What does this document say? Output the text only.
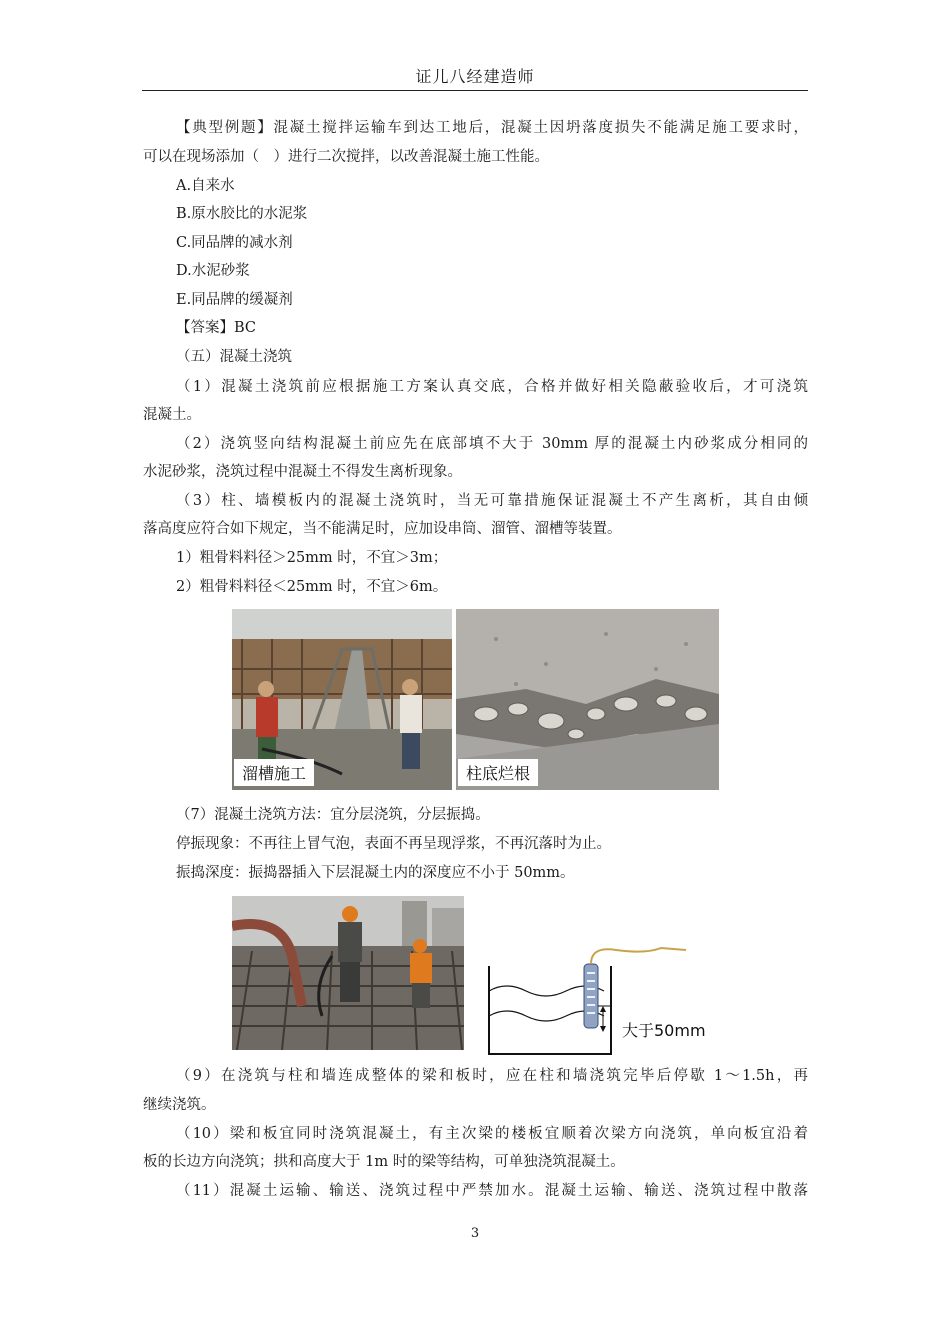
证儿八经建造师
【典型例题】混凝土搅拌运输车到达工地后，混凝土因坍落度损失不能满足施工要求时，
可以在现场添加（　）进行二次搅拌，以改善混凝土施工性能。
A.自来水
B.原水胶比的水泥浆
C.同品牌的减水剂
D.水泥砂浆
E.同品牌的缓凝剂
【答案】BC
（五）混凝土浇筑
（1）混凝土浇筑前应根据施工方案认真交底，合格并做好相关隐蔽验收后，才可浇筑
混凝土。
（2）浇筑竖向结构混凝土前应先在底部填不大于 30mm 厚的混凝土内砂浆成分相同的
水泥砂浆，浇筑过程中混凝土不得发生离析现象。
（3）柱、墙模板内的混凝土浇筑时，当无可靠措施保证混凝土不产生离析，其自由倾
落高度应符合如下规定，当不能满足时，应加设串筒、溜管、溜槽等装置。
1）粗骨料料径＞25mm 时，不宜＞3m；
2）粗骨料料径＜25mm 时，不宜＞6m。
溜槽施工	柱底烂根
（7）混凝土浇筑方法：宜分层浇筑，分层振捣。
停振现象：不再往上冒气泡，表面不再呈现浮浆，不再沉落时为止。
振捣深度：振捣器插入下层混凝土内的深度应不小于 50mm。
大于50mm
（9）在浇筑与柱和墙连成整体的梁和板时，应在柱和墙浇筑完毕后停歇 1～1.5h，再
继续浇筑。
（10）梁和板宜同时浇筑混凝土，有主次梁的楼板宜顺着次梁方向浇筑，单向板宜沿着
板的长边方向浇筑；拱和高度大于 1m 时的梁等结构，可单独浇筑混凝土。
（11）混凝土运输、输送、浇筑过程中严禁加水。混凝土运输、输送、浇筑过程中散落
3
